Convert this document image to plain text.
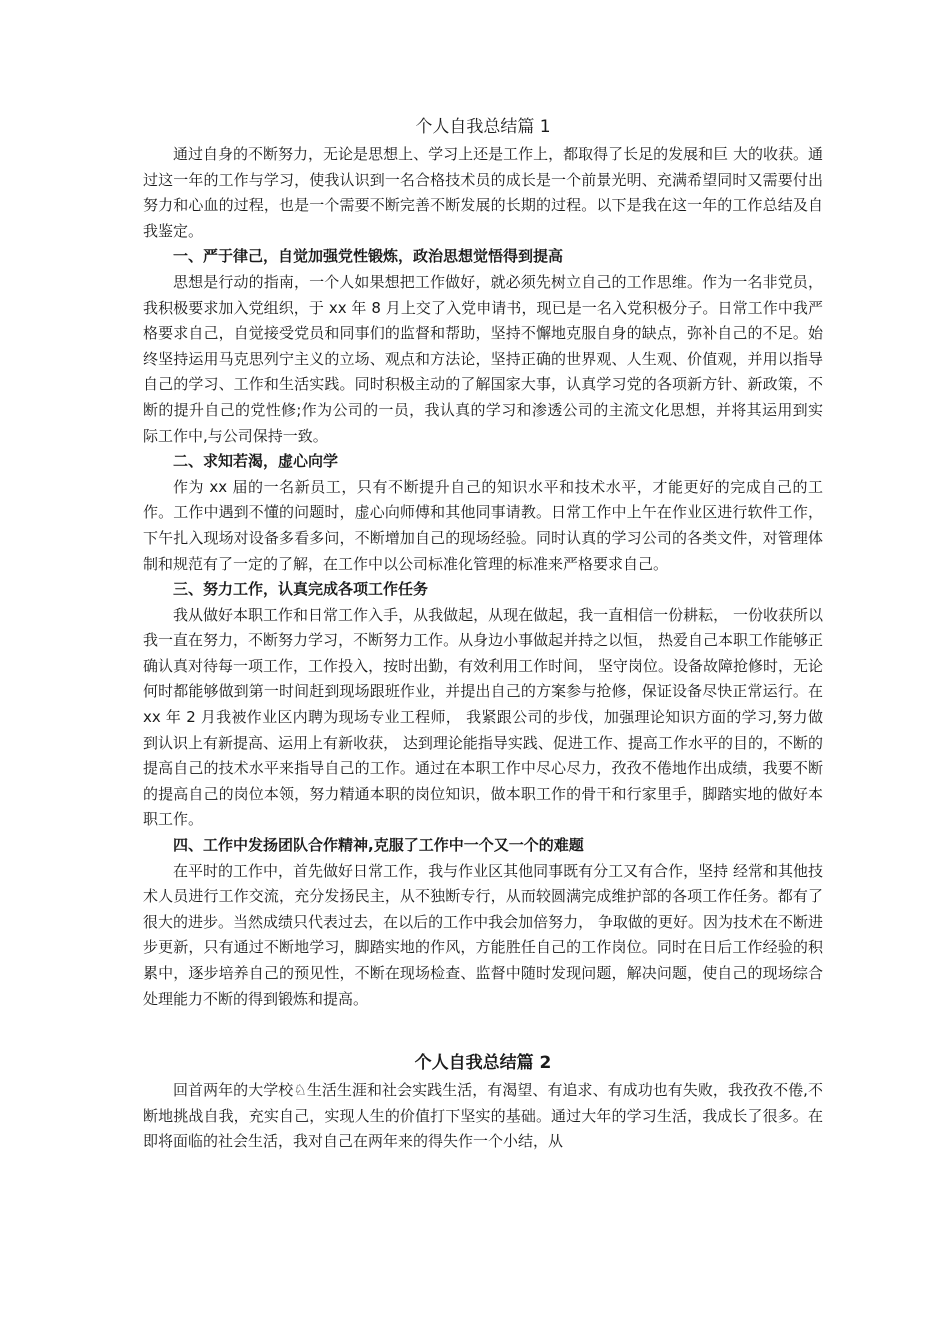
个人自我总结篇 1

通过自身的不断努力，无论是思想上、学习上还是工作上，都取得了长足的发展和巨 大的收获。通过这一年的工作与学习，使我认识到一名合格技术员的成长是一个前景光明、充满希望同时又需要付出努力和心血的过程，也是一个需要不断完善不断发展的长期的过程。以下是我在这一年的工作总结及自我鉴定。

一、严于律己，自觉加强党性锻炼，政治思想觉悟得到提高

思想是行动的指南，一个人如果想把工作做好，就必须先树立自己的工作思维。作为一名非党员，我积极要求加入党组织，于 xx 年 8 月上交了入党申请书，现已是一名入党积极分子。日常工作中我严格要求自己，自觉接受党员和同事们的监督和帮助，坚持不懈地克服自身的缺点，弥补自己的不足。始终坚持运用马克思列宁主义的立场、观点和方法论，坚持正确的世界观、人生观、价值观，并用以指导自己的学习、工作和生活实践。同时积极主动的了解国家大事，认真学习党的各项新方针、新政策，不断的提升自己的党性修;作为公司的一员，我认真的学习和渗透公司的主流文化思想，并将其运用到实际工作中,与公司保持一致。

二、求知若渴，虚心向学

作为 xx 届的一名新员工，只有不断提升自己的知识水平和技术水平，才能更好的完成自己的工作。工作中遇到不懂的问题时，虚心向师傅和其他同事请教。日常工作中上午在作业区进行软件工作，下午扎入现场对设备多看多问，不断增加自己的现场经验。同时认真的学习公司的各类文件，对管理体制和规范有了一定的了解，在工作中以公司标准化管理的标准来严格要求自己。

三、努力工作，认真完成各项工作任务

我从做好本职工作和日常工作入手，从我做起，从现在做起，我一直相信一份耕耘， 一份收获所以我一直在努力，不断努力学习，不断努力工作。从身边小事做起并持之以恒， 热爱自己本职工作能够正确认真对待每一项工作，工作投入，按时出勤，有效利用工作时间， 坚守岗位。设备故障抢修时，无论何时都能够做到第一时间赶到现场跟班作业，并提出自己的方案参与抢修，保证设备尽快正常运行。在 xx 年 2 月我被作业区内聘为现场专业工程师， 我紧跟公司的步伐，加强理论知识方面的学习,努力做到认识上有新提高、运用上有新收获， 达到理论能指导实践、促进工作、提高工作水平的目的，不断的提高自己的技术水平来指导自己的工作。通过在本职工作中尽心尽力，孜孜不倦地作出成绩，我要不断的提高自己的岗位本领，努力精通本职的岗位知识，做本职工作的骨干和行家里手，脚踏实地的做好本职工作。

四、工作中发扬团队合作精神,克服了工作中一个又一个的难题

在平时的工作中，首先做好日常工作，我与作业区其他同事既有分工又有合作，坚持 经常和其他技术人员进行工作交流，充分发扬民主，从不独断专行，从而较圆满完成维护部的各项工作任务。都有了很大的进步。当然成绩只代表过去，在以后的工作中我会加倍努力， 争取做的更好。因为技术在不断进步更新，只有通过不断地学习，脚踏实地的作风，方能胜任自己的工作岗位。同时在日后工作经验的积累中，逐步培养自己的预见性，不断在现场检查、监督中随时发现问题，解决问题，使自己的现场综合处理能力不断的得到锻炼和提高。

个人自我总结篇 2

回首两年的大学校♘生活生涯和社会实践生活，有渴望、有追求、有成功也有失败，我孜孜不倦,不断地挑战自我，充实自己，实现人生的价值打下坚实的基础。通过大年的学习生活，我成长了很多。在即将面临的社会生活，我对自己在两年来的得失作一个小结，从
